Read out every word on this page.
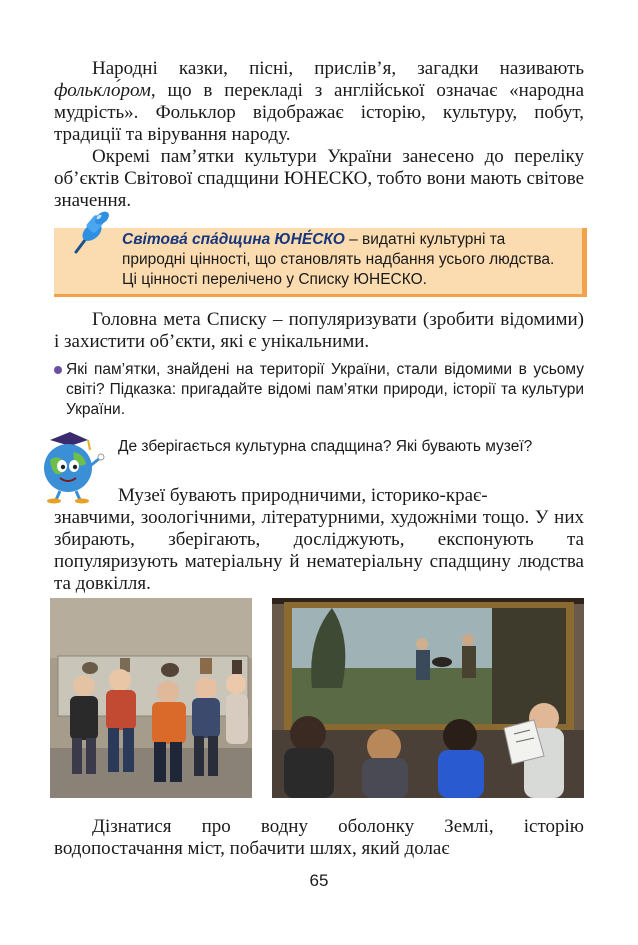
Народні казки, пісні, прислів’я, загадки називають фолькло́ром, що в перекладі з англійської означає «народна мудрість». Фольклор відображає історію, культуру, побут, традиції та вірування народу.

Окремі пам’ятки культури України занесено до переліку об’єктів Світової спадщини ЮНЕСКО, тобто вони мають світове значення.

Світова́ спа́дщина ЮНЕ́СКО – видатні культурні та природні цінності, що становлять надбання усього людства. Ці цінності перелічено у Списку ЮНЕСКО.

Головна мета Списку – популяризувати (зробити відомими) і захистити об’єкти, які є унікальними.

Які пам’ятки, знайдені на території України, стали відомими в усьому світі? Підказка: пригадайте відомі пам’ятки природи, історії та культури України.
Де зберігається культурна спадщина? Які бувають музеї?

Музеї бувають природничими, історико-крає-
знавчими, зоологічними, літературними, художніми тощо. У них збирають, зберігають, досліджують, експонують та популяризують матеріальну й нематеріальну спадщину людства та довкілля.

Дізнатися про водну оболонку Землі, історію водопостачання міст, побачити шлях, який долає

65
